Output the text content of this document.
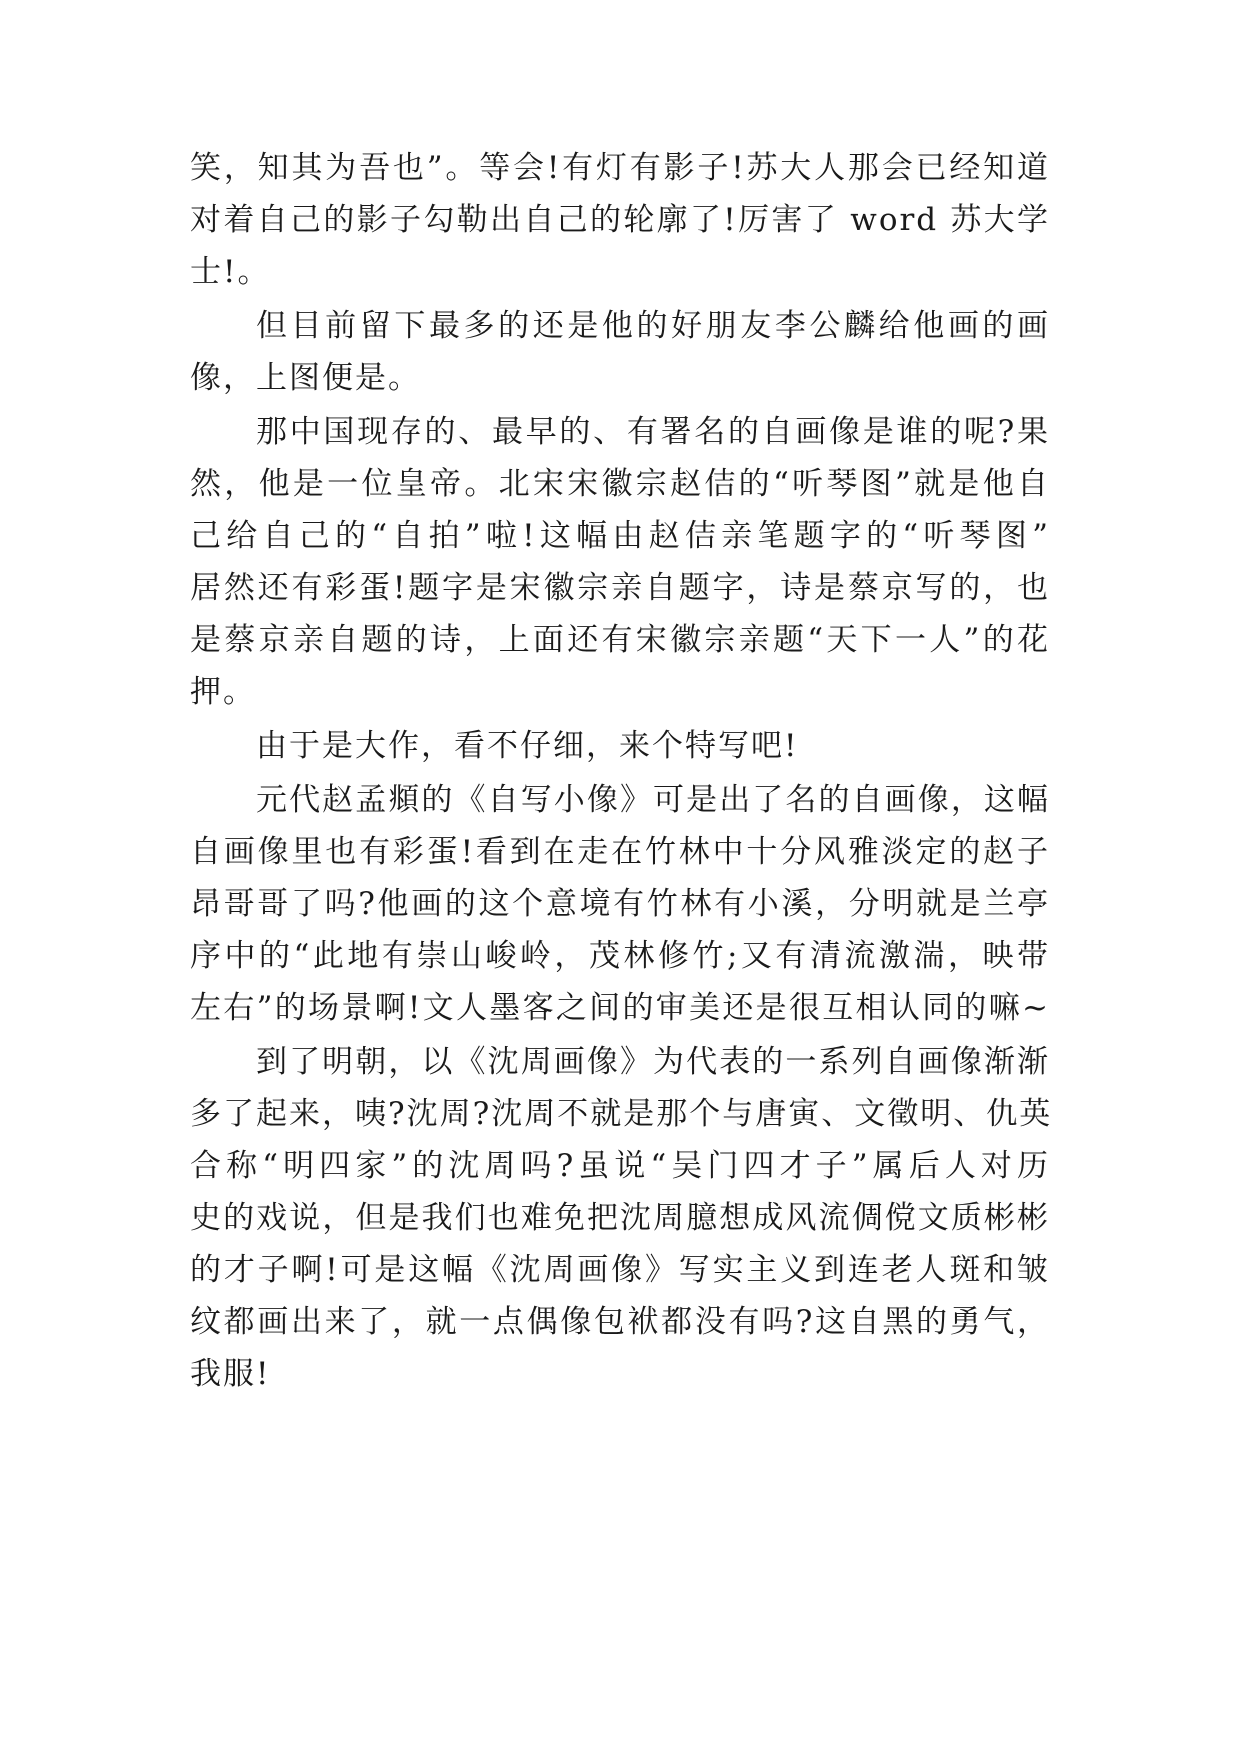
笑，知其为吾也”。等会!有灯有影子!苏大人那会已经知道
对着自己的影子勾勒出自己的轮廓了!厉害了 word 苏大学
士!。
但目前留下最多的还是他的好朋友李公麟给他画的画
像，上图便是。
那中国现存的、最早的、有署名的自画像是谁的呢?果
然，他是一位皇帝。北宋宋徽宗赵佶的“听琴图”就是他自
己给自己的“自拍”啦!这幅由赵佶亲笔题字的“听琴图”
居然还有彩蛋!题字是宋徽宗亲自题字，诗是蔡京写的，也
是蔡京亲自题的诗，上面还有宋徽宗亲题“天下一人”的花
押。
由于是大作，看不仔细，来个特写吧!
元代赵孟頫的《自写小像》可是出了名的自画像，这幅
自画像里也有彩蛋!看到在走在竹林中十分风雅淡定的赵子
昂哥哥了吗?他画的这个意境有竹林有小溪，分明就是兰亭
序中的“此地有崇山峻岭，茂林修竹;又有清流激湍，映带
左右”的场景啊!文人墨客之间的审美还是很互相认同的嘛~
到了明朝，以《沈周画像》为代表的一系列自画像渐渐
多了起来，咦?沈周?沈周不就是那个与唐寅、文徵明、仇英
合称“明四家”的沈周吗?虽说“吴门四才子”属后人对历
史的戏说，但是我们也难免把沈周臆想成风流倜傥文质彬彬
的才子啊!可是这幅《沈周画像》写实主义到连老人斑和皱
纹都画出来了，就一点偶像包袱都没有吗?这自黑的勇气，
我服!
